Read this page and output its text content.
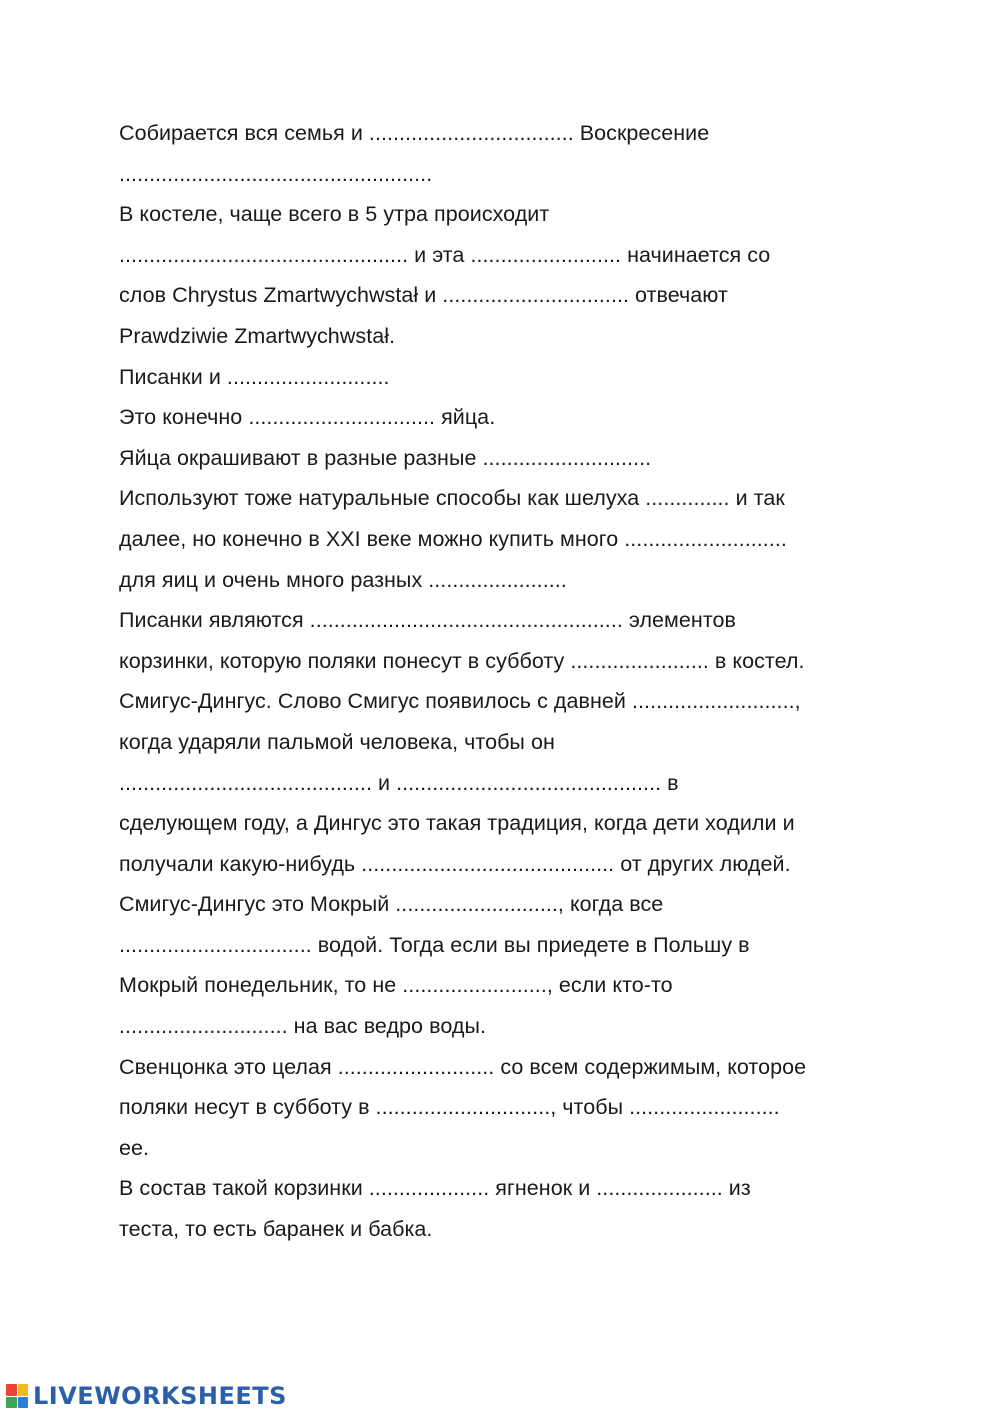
Собирается вся семья и .................................. Воскресение
....................................................
В костеле, чаще всего в 5 утра происходит
................................................ и эта ......................... начинается со
слов Chrystus Zmartwychwstał и ............................... отвечают
Prawdziwie Zmartwychwstał.
Писанки и ...........................
Это конечно ............................... яйца.
Яйца окрашивают в разные разные ............................
Используют тоже натуральные способы как шелуха .............. и так
далее, но конечно в XXI веке можно купить много ...........................
для яиц и очень много разных .......................
Писанки являются .................................................... элементов
корзинки, которую поляки понесут в субботу ....................... в костел.
Смигус-Дингус. Слово Смигус появилось с давней ...........................,
когда ударяли пальмой человека, чтобы он
.......................................... и ............................................ в
сделующем году, а Дингус это такая традиция, когда дети ходили и
получали какую-нибудь .......................................... от других людей.
Смигус-Дингус это Мокрый ..........................., когда все
................................ водой. Тогда если вы приедете в Польшу в
Мокрый понедельник, то не ........................, если кто-то
............................ на вас ведро воды.
Свенцонка это целая .......................... со всем содержимым, которое
поляки несут в субботу в ............................., чтобы .........................
ее.
В состав такой корзинки .................... ягненок и ..................... из
теста, то есть баранек и бабка.
LIVEWORKSHEETS
